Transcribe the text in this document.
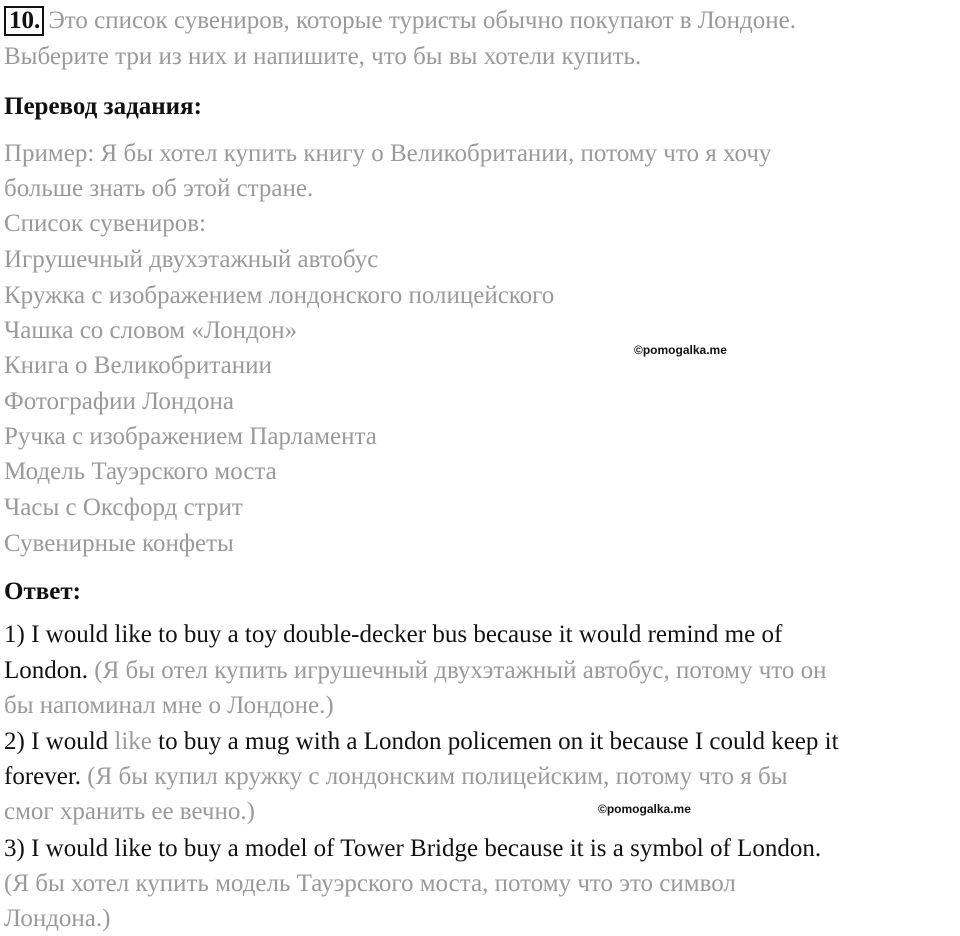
10. Это список сувениров, которые туристы обычно покупают в Лондоне.
Выберите три из них и напишите, что бы вы хотели купить.
Перевод задания:
Пример: Я бы хотел купить книгу о Великобритании, потому что я хочу
больше знать об этой стране.
Список сувениров:
Игрушечный двухэтажный автобус
Кружка с изображением лондонского полицейского
Чашка со словом «Лондон»
Книга о Великобритании
Фотографии Лондона
Ручка с изображением Парламента
Модель Тауэрского моста
Часы с Оксфорд стрит
Сувенирные конфеты
©pomogalka.me
Ответ:
1) I would like to buy a toy double-decker bus because it would remind me of
London. (Я бы отел купить игрушечный двухэтажный автобус, потому что он
бы напоминал мне о Лондоне.)
2) I would like to buy a mug with a London policemen on it because I could keep it
forever. (Я бы купил кружку с лондонским полицейским, потому что я бы
смог хранить ее вечно.)	©pomogalka.me
3) I would like to buy a model of Tower Bridge because it is a symbol of London.
(Я бы хотел купить модель Тауэрского моста, потому что это символ
Лондона.)
